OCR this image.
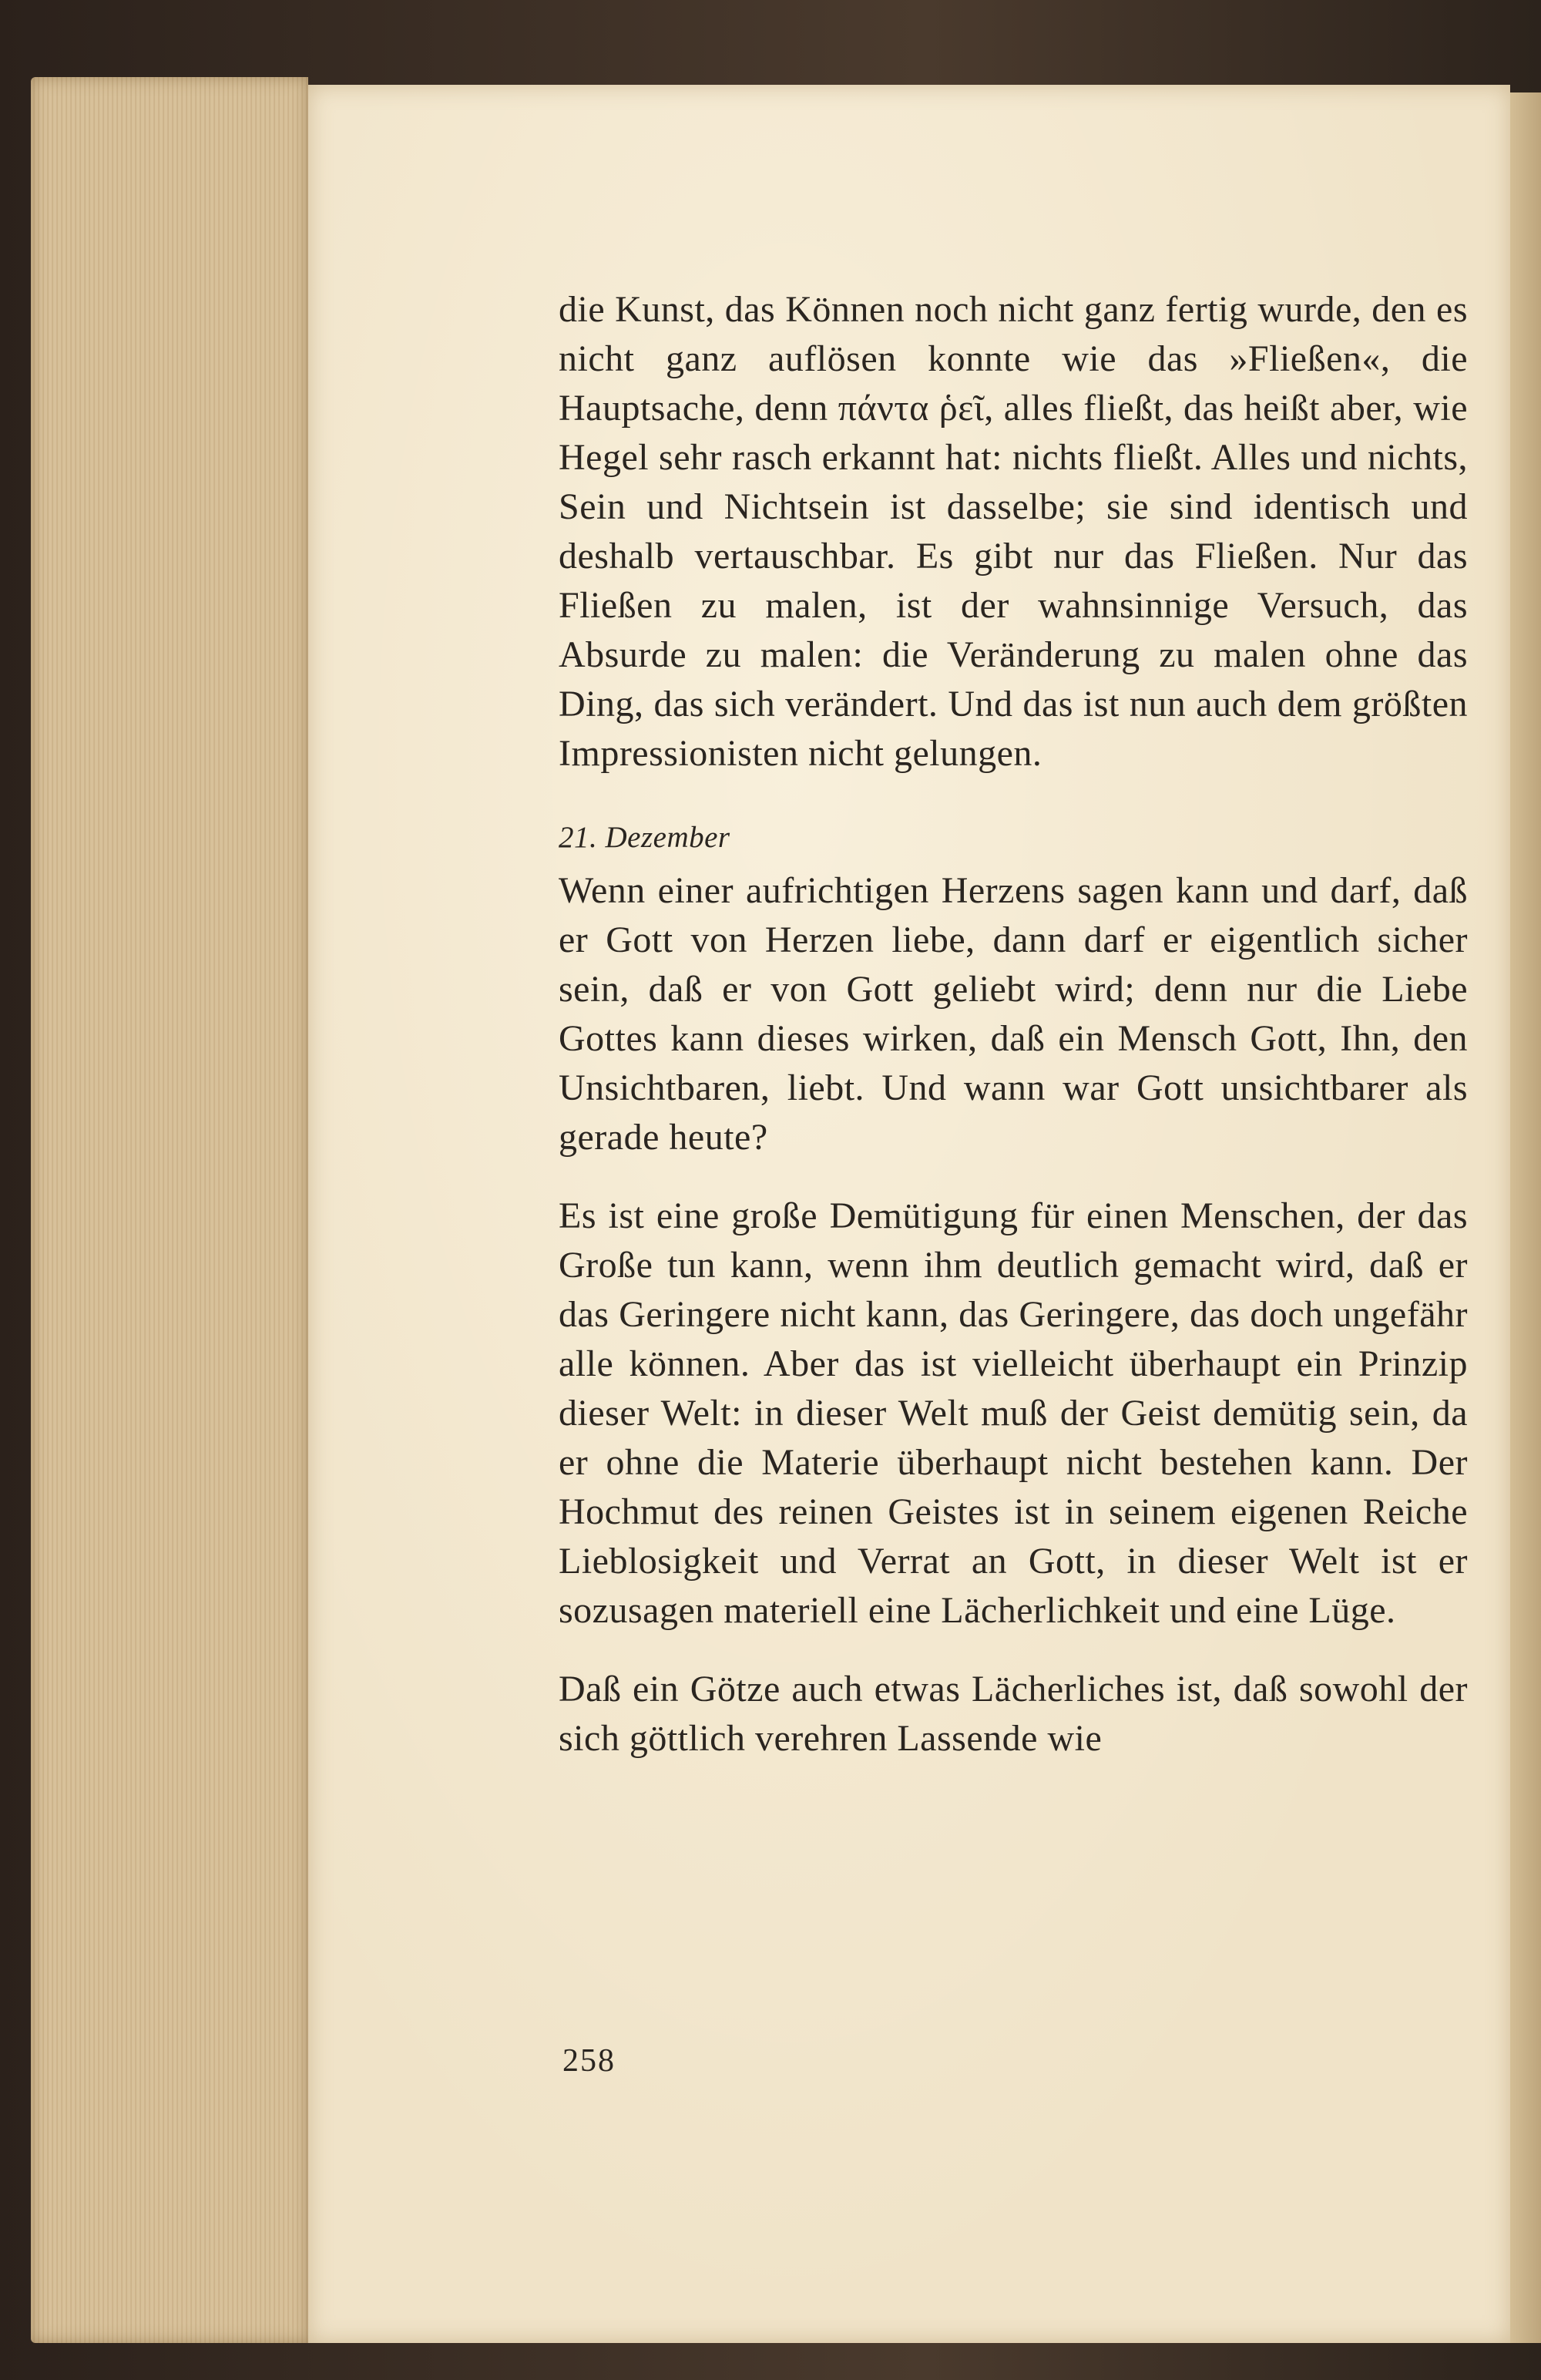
die Kunst, das Können noch nicht ganz fertig wurde, den es nicht ganz auflösen konnte wie das »Fließen«, die Hauptsache, denn πάντα ῥεῖ, alles fließt, das heißt aber, wie Hegel sehr rasch erkannt hat: nichts fließt. Alles und nichts, Sein und Nichtsein ist dasselbe; sie sind identisch und deshalb vertauschbar. Es gibt nur das Fließen. Nur das Fließen zu malen, ist der wahnsinnige Versuch, das Absurde zu malen: die Veränderung zu malen ohne das Ding, das sich verändert. Und das ist nun auch dem größten Impressionisten nicht gelungen.

21. Dezember

Wenn einer aufrichtigen Herzens sagen kann und darf, daß er Gott von Herzen liebe, dann darf er eigentlich sicher sein, daß er von Gott geliebt wird; denn nur die Liebe Gottes kann dieses wirken, daß ein Mensch Gott, Ihn, den Unsichtbaren, liebt. Und wann war Gott unsichtbarer als gerade heute?

Es ist eine große Demütigung für einen Menschen, der das Große tun kann, wenn ihm deutlich gemacht wird, daß er das Geringere nicht kann, das Geringere, das doch ungefähr alle können. Aber das ist vielleicht überhaupt ein Prinzip dieser Welt: in dieser Welt muß der Geist demütig sein, da er ohne die Materie überhaupt nicht bestehen kann. Der Hochmut des reinen Geistes ist in seinem eigenen Reiche Lieblosigkeit und Verrat an Gott, in dieser Welt ist er sozusagen materiell eine Lächerlichkeit und eine Lüge.

Daß ein Götze auch etwas Lächerliches ist, daß sowohl der sich göttlich verehren Lassende wie

258
